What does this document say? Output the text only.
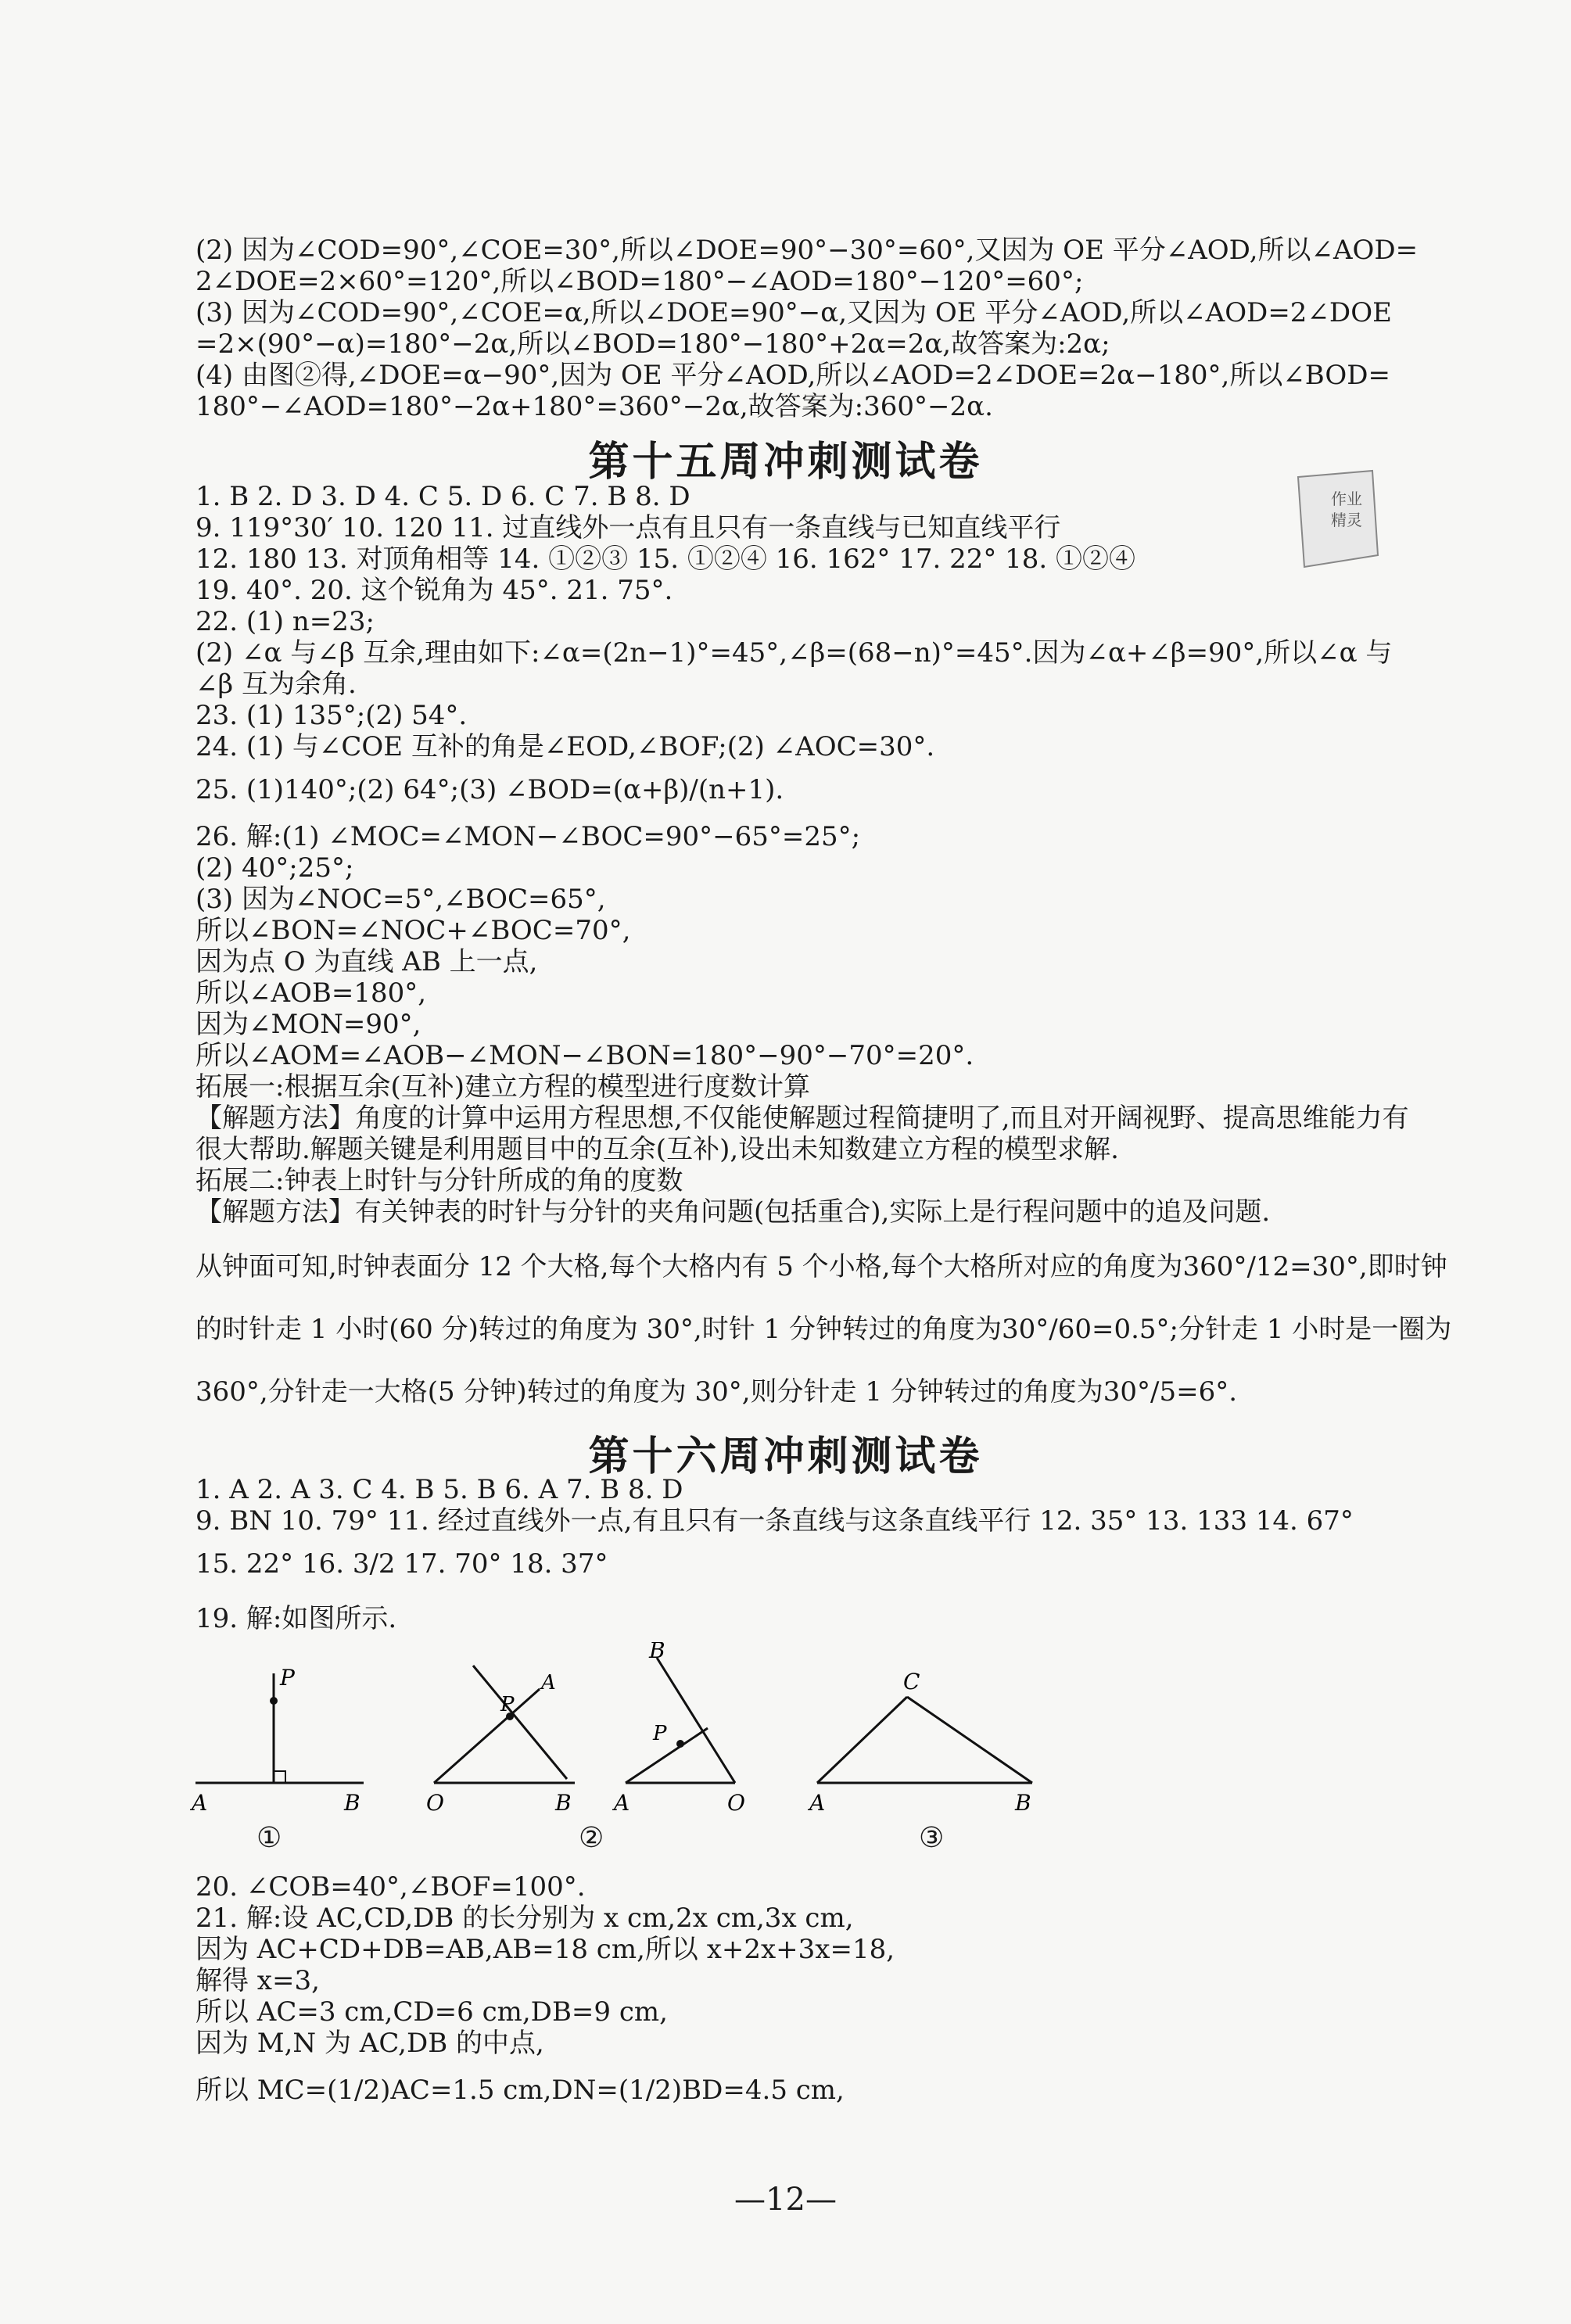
(2) 因为∠COD=90°,∠COE=30°,所以∠DOE=90°−30°=60°,又因为 OE 平分∠AOD,所以∠AOD=
2∠DOE=2×60°=120°,所以∠BOD=180°−∠AOD=180°−120°=60°;
(3) 因为∠COD=90°,∠COE=α,所以∠DOE=90°−α,又因为 OE 平分∠AOD,所以∠AOD=2∠DOE
=2×(90°−α)=180°−2α,所以∠BOD=180°−180°+2α=2α,故答案为:2α;
(4) 由图②得,∠DOE=α−90°,因为 OE 平分∠AOD,所以∠AOD=2∠DOE=2α−180°,所以∠BOD=
180°−∠AOD=180°−2α+180°=360°−2α,故答案为:360°−2α.
第十五周冲刺测试卷
作业
精灵
1. B 2. D 3. D 4. C 5. D 6. C 7. B 8. D
9. 119°30′ 10. 120 11. 过直线外一点有且只有一条直线与已知直线平行
12. 180 13. 对顶角相等 14. ①②③ 15. ①②④ 16. 162° 17. 22° 18. ①②④
19. 40°. 20. 这个锐角为 45°. 21. 75°.
22. (1) n=23;
(2) ∠α 与∠β 互余,理由如下:∠α=(2n−1)°=45°,∠β=(68−n)°=45°.因为∠α+∠β=90°,所以∠α 与
∠β 互为余角.
23. (1) 135°;(2) 54°.
24. (1) 与∠COE 互补的角是∠EOD,∠BOF;(2) ∠AOC=30°.
25. (1)140°;(2) 64°;(3) ∠BOD=(α+β)/(n+1).
26. 解:(1) ∠MOC=∠MON−∠BOC=90°−65°=25°;
(2) 40°;25°;
(3) 因为∠NOC=5°,∠BOC=65°,
所以∠BON=∠NOC+∠BOC=70°,
因为点 O 为直线 AB 上一点,
所以∠AOB=180°,
因为∠MON=90°,
所以∠AOM=∠AOB−∠MON−∠BON=180°−90°−70°=20°.
拓展一:根据互余(互补)建立方程的模型进行度数计算
【解题方法】角度的计算中运用方程思想,不仅能使解题过程简捷明了,而且对开阔视野、提高思维能力有
很大帮助.解题关键是利用题目中的互余(互补),设出未知数建立方程的模型求解.
拓展二:钟表上时针与分针所成的角的度数
【解题方法】有关钟表的时针与分针的夹角问题(包括重合),实际上是行程问题中的追及问题.
从钟面可知,时钟表面分 12 个大格,每个大格内有 5 个小格,每个大格所对应的角度为360°/12=30°,即时钟
的时针走 1 小时(60 分)转过的角度为 30°,时针 1 分钟转过的角度为30°/60=0.5°;分针走 1 小时是一圈为
360°,分针走一大格(5 分钟)转过的角度为 30°,则分针走 1 分钟转过的角度为30°/5=6°.
第十六周冲刺测试卷
1. A 2. A 3. C 4. B 5. B 6. A 7. B 8. D
9. BN 10. 79° 11. 经过直线外一点,有且只有一条直线与这条直线平行 12. 35° 13. 133 14. 67°
15. 22° 16. 3/2 17. 70° 18. 37°
19. 解:如图所示.
P
A	B
P
A
O	B
B
P
A	O
C
A	B
①	②	③
20. ∠COB=40°,∠BOF=100°.
21. 解:设 AC,CD,DB 的长分别为 x cm,2x cm,3x cm,
因为 AC+CD+DB=AB,AB=18 cm,所以 x+2x+3x=18,
解得 x=3,
所以 AC=3 cm,CD=6 cm,DB=9 cm,
因为 M,N 为 AC,DB 的中点,
所以 MC=(1/2)AC=1.5 cm,DN=(1/2)BD=4.5 cm,
—12—
